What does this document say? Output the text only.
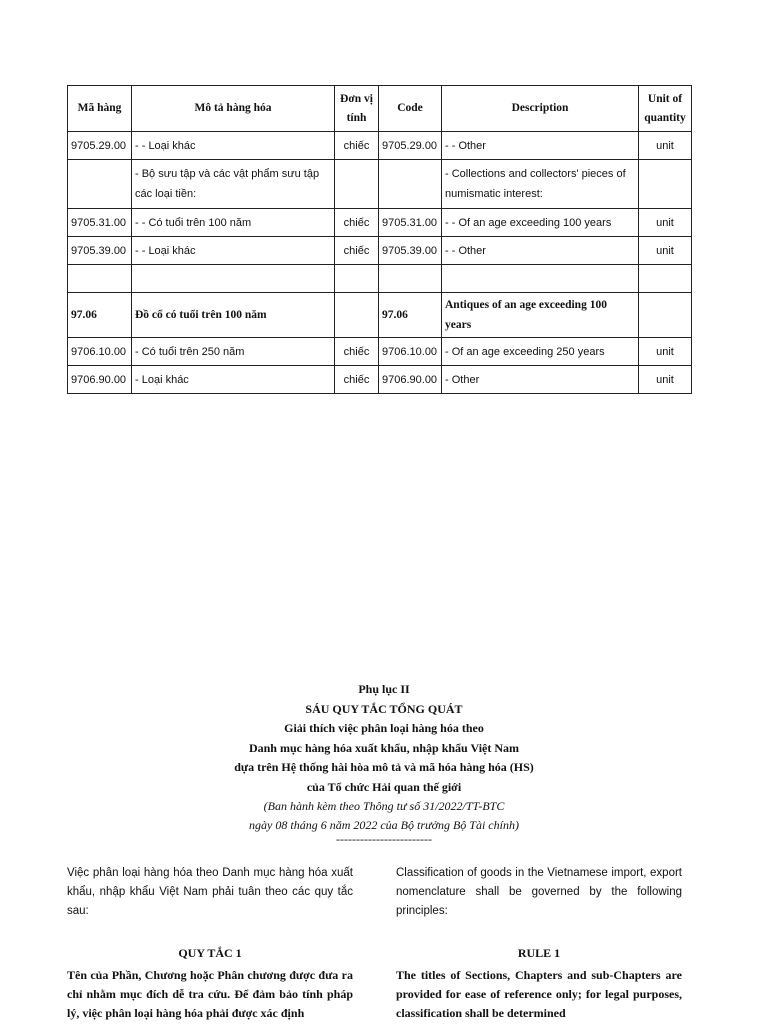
Mã hàng	Mô tả hàng hóa	Đơn vị tính	Code	Description	Unit of quantity
9705.29.00	- - Loại khác	chiếc	9705.29.00	- - Other	unit
	- Bộ sưu tập và các vật phẩm sưu tập các loại tiền:			- Collections and collectors' pieces of numismatic interest:	
9705.31.00	- - Có tuổi trên 100 năm	chiếc	9705.31.00	- - Of an age exceeding 100 years	unit
9705.39.00	- - Loại khác	chiếc	9705.39.00	- - Other	unit

97.06	Đồ cổ có tuổi trên 100 năm		97.06	Antiques of an age exceeding 100 years	
9706.10.00	- Có tuổi trên 250 năm	chiếc	9706.10.00	- Of an age exceeding 250 years	unit
9706.90.00	- Loại khác	chiếc	9706.90.00	- Other	unit
Phụ lục II
SÁU QUY TẮC TỔNG QUÁT
Giải thích việc phân loại hàng hóa theo
Danh mục hàng hóa xuất khẩu, nhập khẩu Việt Nam
dựa trên Hệ thống hài hòa mô tả và mã hóa hàng hóa (HS)
của Tổ chức Hải quan thế giới
(Ban hành kèm theo Thông tư số 31/2022/TT-BTC
ngày 08 tháng 6 năm 2022 của Bộ trưởng Bộ Tài chính)
------------------------
Việc phân loại hàng hóa theo Danh mục hàng hóa xuất khẩu, nhập khẩu Việt Nam phải tuân theo các quy tắc sau:
Classification of goods in the Vietnamese import, export nomenclature shall be governed by the following principles:
QUY TẮC 1	RULE 1
Tên của Phần, Chương hoặc Phân chương được đưa ra chỉ nhằm mục đích dễ tra cứu. Để đảm bảo tính pháp lý, việc phân loại hàng hóa phải được xác định
The titles of Sections, Chapters and sub-Chapters are provided for ease of reference only; for legal purposes, classification shall be determined
